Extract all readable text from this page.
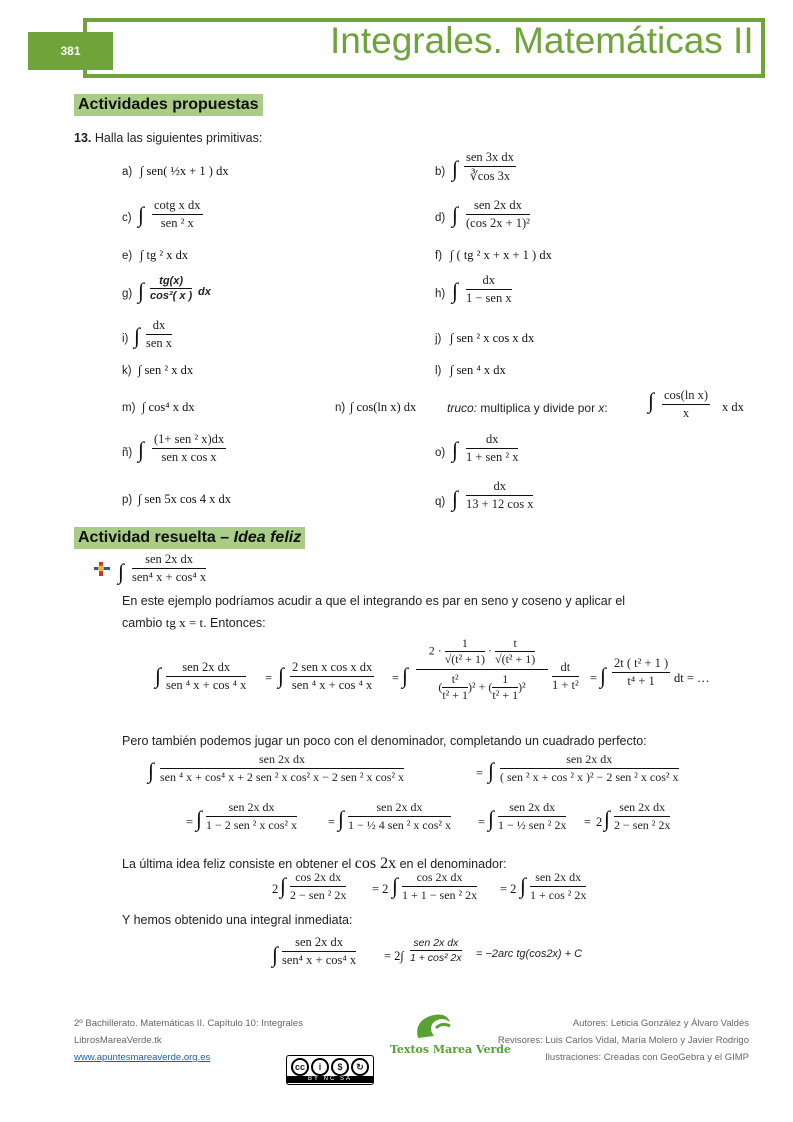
381	Integrales. Matemáticas II
Actividades propuestas
13. Halla las siguientes primitivas:
a) ∫ sen( ½x + 1 ) dx	b) ∫ sen 3x dx
∛cos 3x
c) ∫ cotg x dx
sen ² x	d) ∫	sen 2x dx
(cos 2x + 1)²
e) ∫ tg ² x dx	f) ∫ ( tg ² x + x + 1 ) dx
g) ∫ $\frac{tg(x)}{\text{cos²( x )}}$ dx	h) ∫	dx
1 − sen x
i) ∫	dx
sen x	j) ∫ sen ² x cos x dx
k) ∫ sen ² x dx	l) ∫ sen ⁴ x dx
m) ∫ cos⁴ x dx	n) ∫ cos(ln x) dx	truco: multiplica y divide por x: ∫ $\frac{\text{cos(ln x)}}{x}$ x dx
ñ) ∫ (1+ sen ² x)dx
sen x cos x	o) ∫	dx
1 + sen ² x
p) ∫ sen 5x cos 4 x dx	q) ∫ $\frac{dx}{\text{13 + 12 cos x}}$
Actividad resuelta – Idea feliz
∫	sen 2x dx
sen⁴ x + cos⁴ x
En este ejemplo podríamos acudir a que el integrando es par en seno y coseno y aplicar el
cambio tg x = t. Entonces:
∫	sen 2x dx
sen ⁴ x + cos ⁴ x = ∫ 2 sen x cos x dx
sen ⁴ x + cos ⁴ x = ∫
$2 \cdot \frac{1}{\text{√(t² + 1)}} \cdot \frac{t}{\text{√(t² + 1)}}$
( $\frac{\text{t²}}{\text{t² + 1}} )^2$ + ( $\frac{1}{\text{t² + 1}} )^2$	$\frac{dt}{\text{1 + t²}}$ = ∫ $\frac{\text{2t ( t² + 1 )}}{\text{t⁴ + 1}}$ dt = …
Pero también podemos jugar un poco con el denominador, completando un cuadrado perfecto:
∫	sen 2x dx
sen ⁴ x + cos⁴ x + 2 sen ² x cos² x − 2 sen ² x cos² x	= ∫	sen 2x dx
( sen ² x + cos ² x )² − 2 sen ² x cos² x
= ∫	sen 2x dx
1 − 2 sen ² x cos² x = ∫	sen 2x dx
1 − ½ 4 sen ² x cos² x = ∫	sen 2x dx
1 − ½ sen ² 2x = 2 ∫ sen 2x dx
2 − sen ² 2x
La última idea feliz consiste en obtener el cos 2x en el denominador:
2 ∫ cos 2x dx
2 − sen ² 2x = 2 ∫	cos 2x dx
1 + 1 − sen ² 2x = 2 ∫ sen 2x dx
1 + cos ² 2x
Y hemos obtenido una integral inmediata:
∫	sen 2x dx
sen⁴ x + cos⁴ x = 2∫
sen 2x dx
1 + cos² 2x = −2arc tg(cos2x) + C
2º Bachillerato. Matemáticas II. Capítulo 10: Integrales
LibrosMareaVerde.tk
www.apuntesmareaverde.org.es
Textos Marea Verde
cc	i	$	↻
BY NC SA
Autores: Leticia González y Álvaro Valdés
Revisores: Luis Carlos Vidal, María Molero y Javier Rodrigo
Ilustraciones: Creadas con GeoGebra y el GIMP
